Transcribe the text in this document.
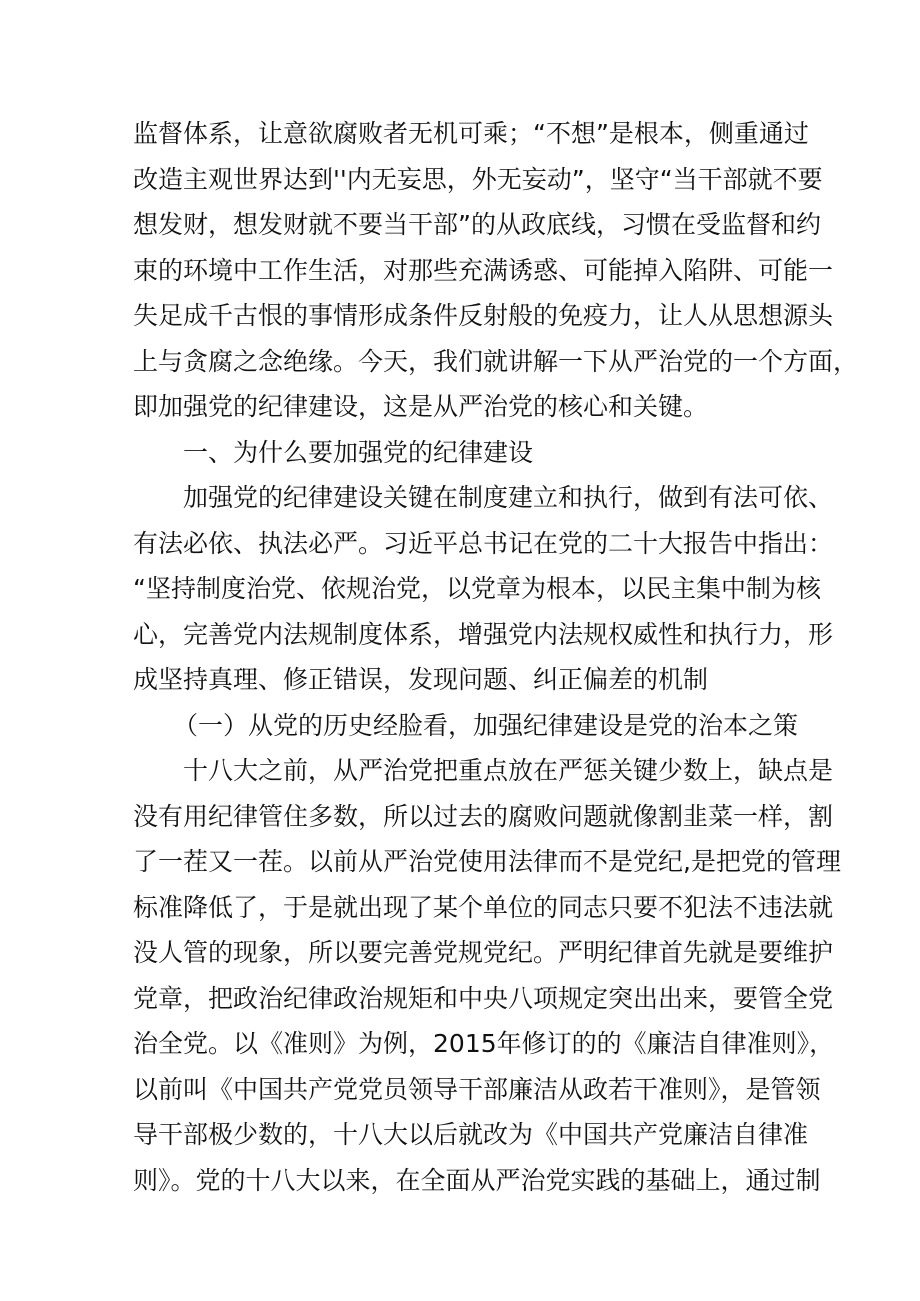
监督体系，让意欲腐败者无机可乘；“不想”是根本，侧重通过
改造主观世界达到''内无妄思，外无妄动”，坚守“当干部就不要
想发财，想发财就不要当干部”的从政底线，习惯在受监督和约
束的环境中工作生活，对那些充满诱惑、可能掉入陷阱、可能一
失足成千古恨的事情形成条件反射般的免疫力，让人从思想源头
上与贪腐之念绝缘。今天，我们就讲解一下从严治党的一个方面，
即加强党的纪律建设，这是从严治党的核心和关键。
一、为什么要加强党的纪律建设
加强党的纪律建设关键在制度建立和执行，做到有法可依、
有法必依、执法必严。习近平总书记在党的二十大报告中指出：
“坚持制度治党、依规治党，以党章为根本，以民主集中制为核
心，完善党内法规制度体系，增强党内法规权威性和执行力，形
成坚持真理、修正错误，发现问题、纠正偏差的机制
（一）从党的历史经脸看，加强纪律建设是党的治本之策
十八大之前，从严治党把重点放在严惩关键少数上，缺点是
没有用纪律管住多数，所以过去的腐败问题就像割韭菜一样，割
了一茬又一茬。以前从严治党使用法律而不是党纪,是把党的管理
标准降低了，于是就出现了某个单位的同志只要不犯法不违法就
没人管的现象，所以要完善党规党纪。严明纪律首先就是要维护
党章，把政治纪律政治规矩和中央八项规定突出出来，要管全党
治全党。以《准则》为例，2015年修订的的《廉洁自律准则》，
以前叫《中国共产党党员领导干部廉洁从政若干准则》，是管领
导干部极少数的，十八大以后就改为《中国共产党廉洁自律准
则》。党的十八大以来，在全面从严治党实践的基础上，通过制
